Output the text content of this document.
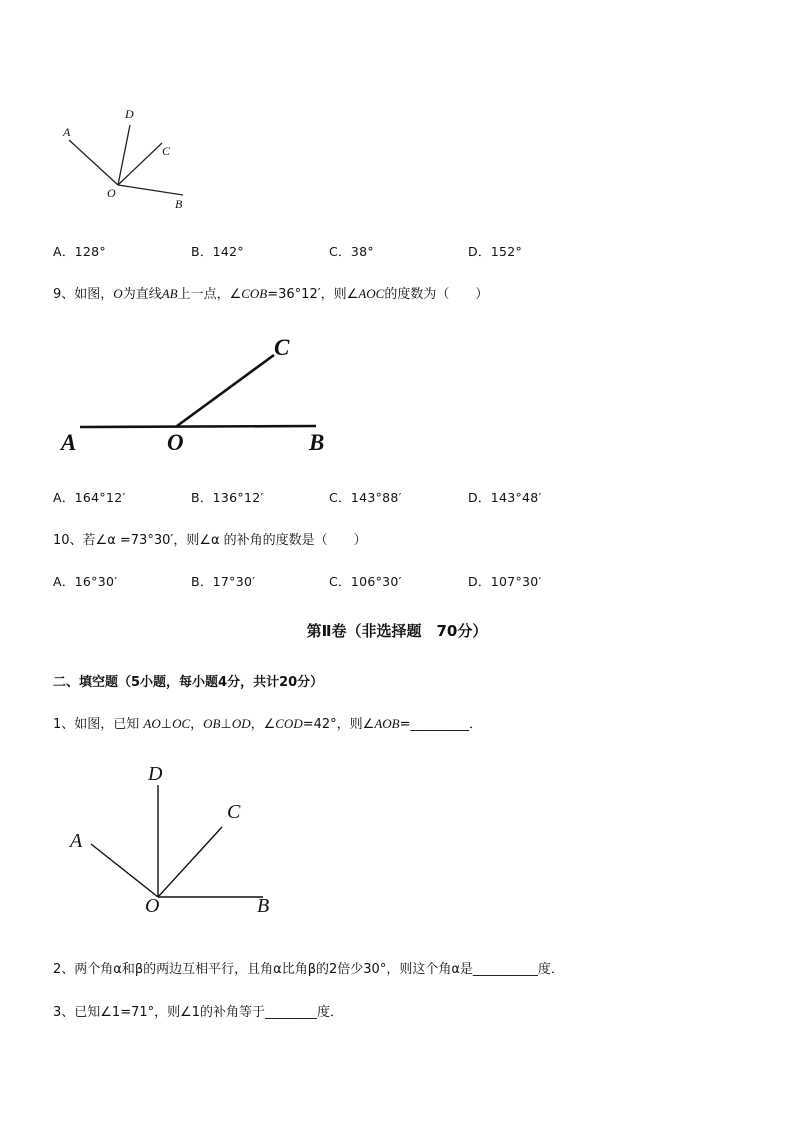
A
D
C
O
B
A．128°	B．142°	C．38°	D．152°
9、如图，O为直线AB上一点，∠COB=36°12′，则∠AOC的度数为（　　）
A	O	B
C
A．164°12′	B．136°12′	C．143°88′	D．143°48′
10、若∠α =73°30′，则∠α 的补角的度数是（　　）
A．16°30′	B．17°30′	C．106°30′	D．107°30′
第Ⅱ卷（非选择题　70分）
二、填空题（5小题，每小题4分，共计20分）
1、如图，已知 AO⊥OC，OB⊥OD，∠COD=42°，则∠AOB=_________．
D
C
A
O	B
2、两个角α和β的两边互相平行，且角α比角β的2倍少30°，则这个角α是__________度．
3、已知∠1=71°，则∠1的补角等于________度．
